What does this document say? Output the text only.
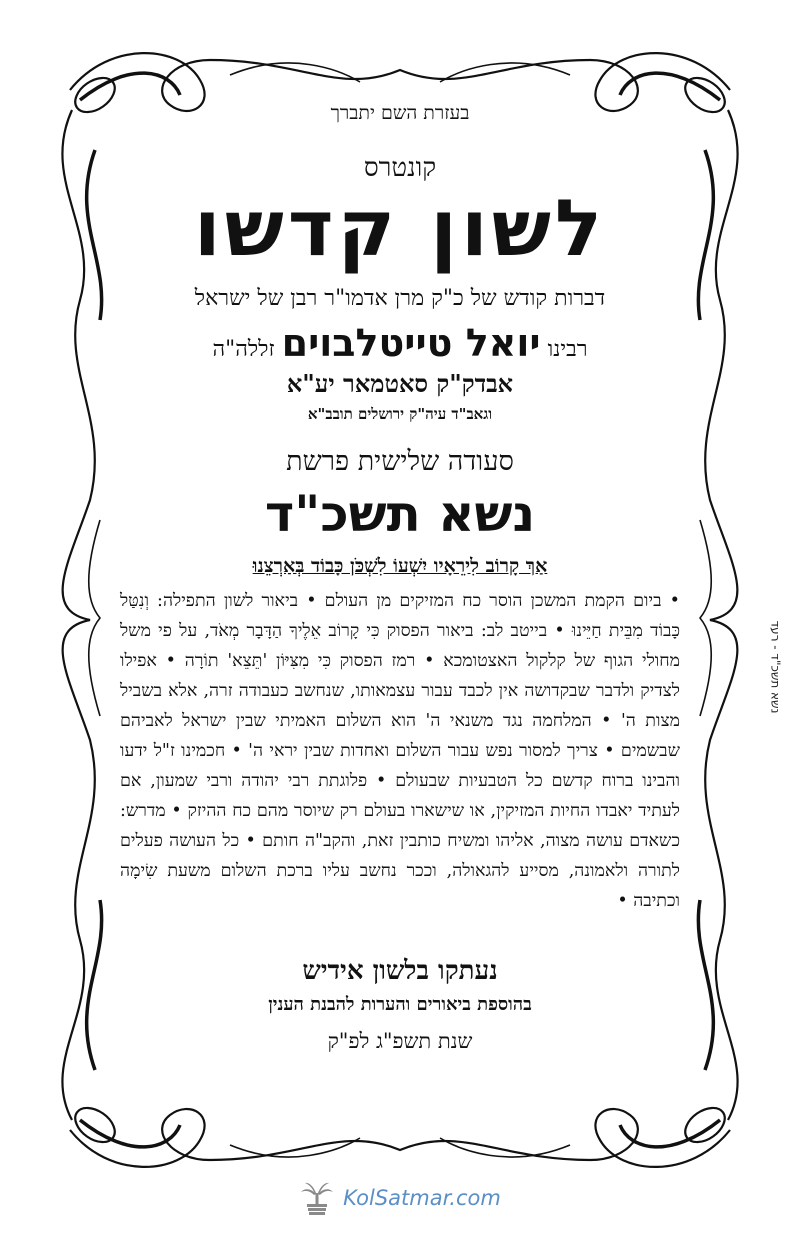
בעזרת השם יתברך
קונטרס
לשון קדשו
דברות קודש של כ"ק מרן אדמו"ר רבן של ישראל
רבינו יואל טייטלבוים זללה"ה
אבדק"ק סאטמאר יע"א
וגאב"ד עיה"ק ירושלים תובב"א
סעודה שלישית פרשת
נשא תשכ"ד
אַךְ קָרוֹב לִירֵאָיו יִשְׁעוֹ לִשְׁכֹּן כָּבוֹד בְּאַרְצֵנוּ
• ביום הקמת המשכן הוסר כח המזיקים מן העולם • ביאור לשון התפילה: וְנִטַּל כָּבוֹד מִבֵּית חַיֵּינוּ • בייטב לב: ביאור הפסוק כִּי קָרוֹב אֵלֶיךָ הַדָּבָר מְאֹד, על פי משל מחולי הגוף של קלקול האצטומכא • רמז הפסוק כִּי מִצִּיּוֹן 'תֵּצֵא' תוֹרָה • אפילו לצדיק ולדבר שבקדושה אין לכבד עבור עצמאותו, שנחשב כעבודה זרה, אלא בשביל מצות ה' • המלחמה נגד משנאי ה' הוא השלום האמיתי שבין ישראל לאביהם שבשמים • צריך למסור נפש עבור השלום ואחדות שבין יראי ה' • חכמינו ז"ל ידעו והבינו ברוח קדשם כל הטבעיות שבעולם • פלוגתת רבי יהודה ורבי שמעון, אם לעתיד יאבדו החיות המזיקין, או שישארו בעולם רק שיוסר מהם כח ההיזק • מדרש: כשאדם עושה מצוה, אליהו ומשיח כותבין זאת, והקב"ה חותם • כל העושה פעלים לתורה ולאמונה, מסייע להגאולה, וככר נחשב עליו ברכת השלום משעת שִׂימָה וכתיבה •
נעתקו בלשון אידיש
בהוספת ביאורים והערות להבנת הענין
שנת תשפ"ג לפ"ק
נשא תשכ"ד - רעד
KolSatmar.com
